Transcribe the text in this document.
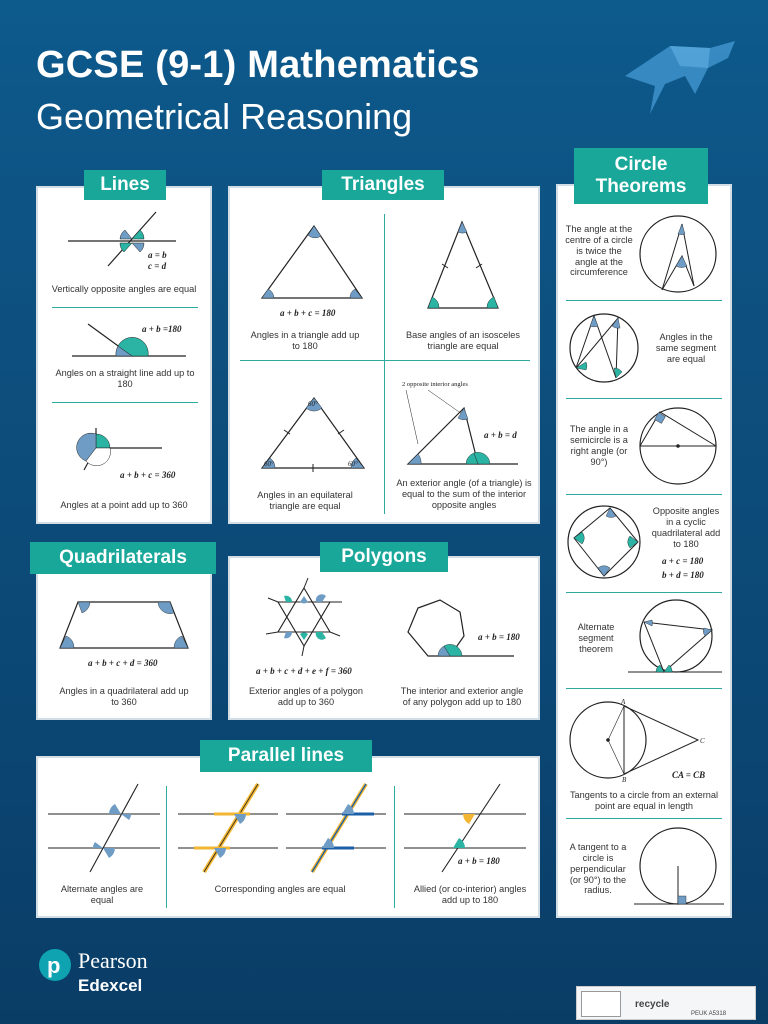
GCSE (9-1) Mathematics
Geometrical Reasoning
Lines
a = b
c = d
Vertically opposite angles are equal
a + b =180
Angles on a straight line add up to 180
a + b + c = 360
Angles at a point add up to 360
Triangles
a + b + c = 180
Angles in a triangle add up to 180
Base angles of an isosceles triangle are equal
60°
60°	60°
Angles in an equilateral triangle are equal
2 opposite interior angles
a + b = d
An exterior angle (of a triangle) is equal to the sum of the interior opposite angles
Circle
Theorems
The angle at the centre of a circle is twice the angle at the circumference
Angles in the same segment are equal
The angle in a semicircle is a right angle (or 90°)
Opposite angles in a cyclic quadrilateral add to 180
a + c = 180
b + d = 180
Alternate segment theorem
A
C
B	CA = CB
Tangents to a circle from an external point are equal in length
A tangent to a circle is perpendicular (or 90°) to the radius.
Quadrilaterals
a + b + c + d = 360
Angles in a quadrilateral add up to 360
Polygons
a + b + c + d + e + f = 360
Exterior angles of a polygon add up to 360
a + b = 180
The interior and exterior angle of any polygon add up to 180
Parallel lines
Alternate angles are equal
Corresponding angles are equal
a + b = 180
Allied (or co-interior) angles add up to 180
p Pearson
Edexcel
recycle
PEUK A5318
